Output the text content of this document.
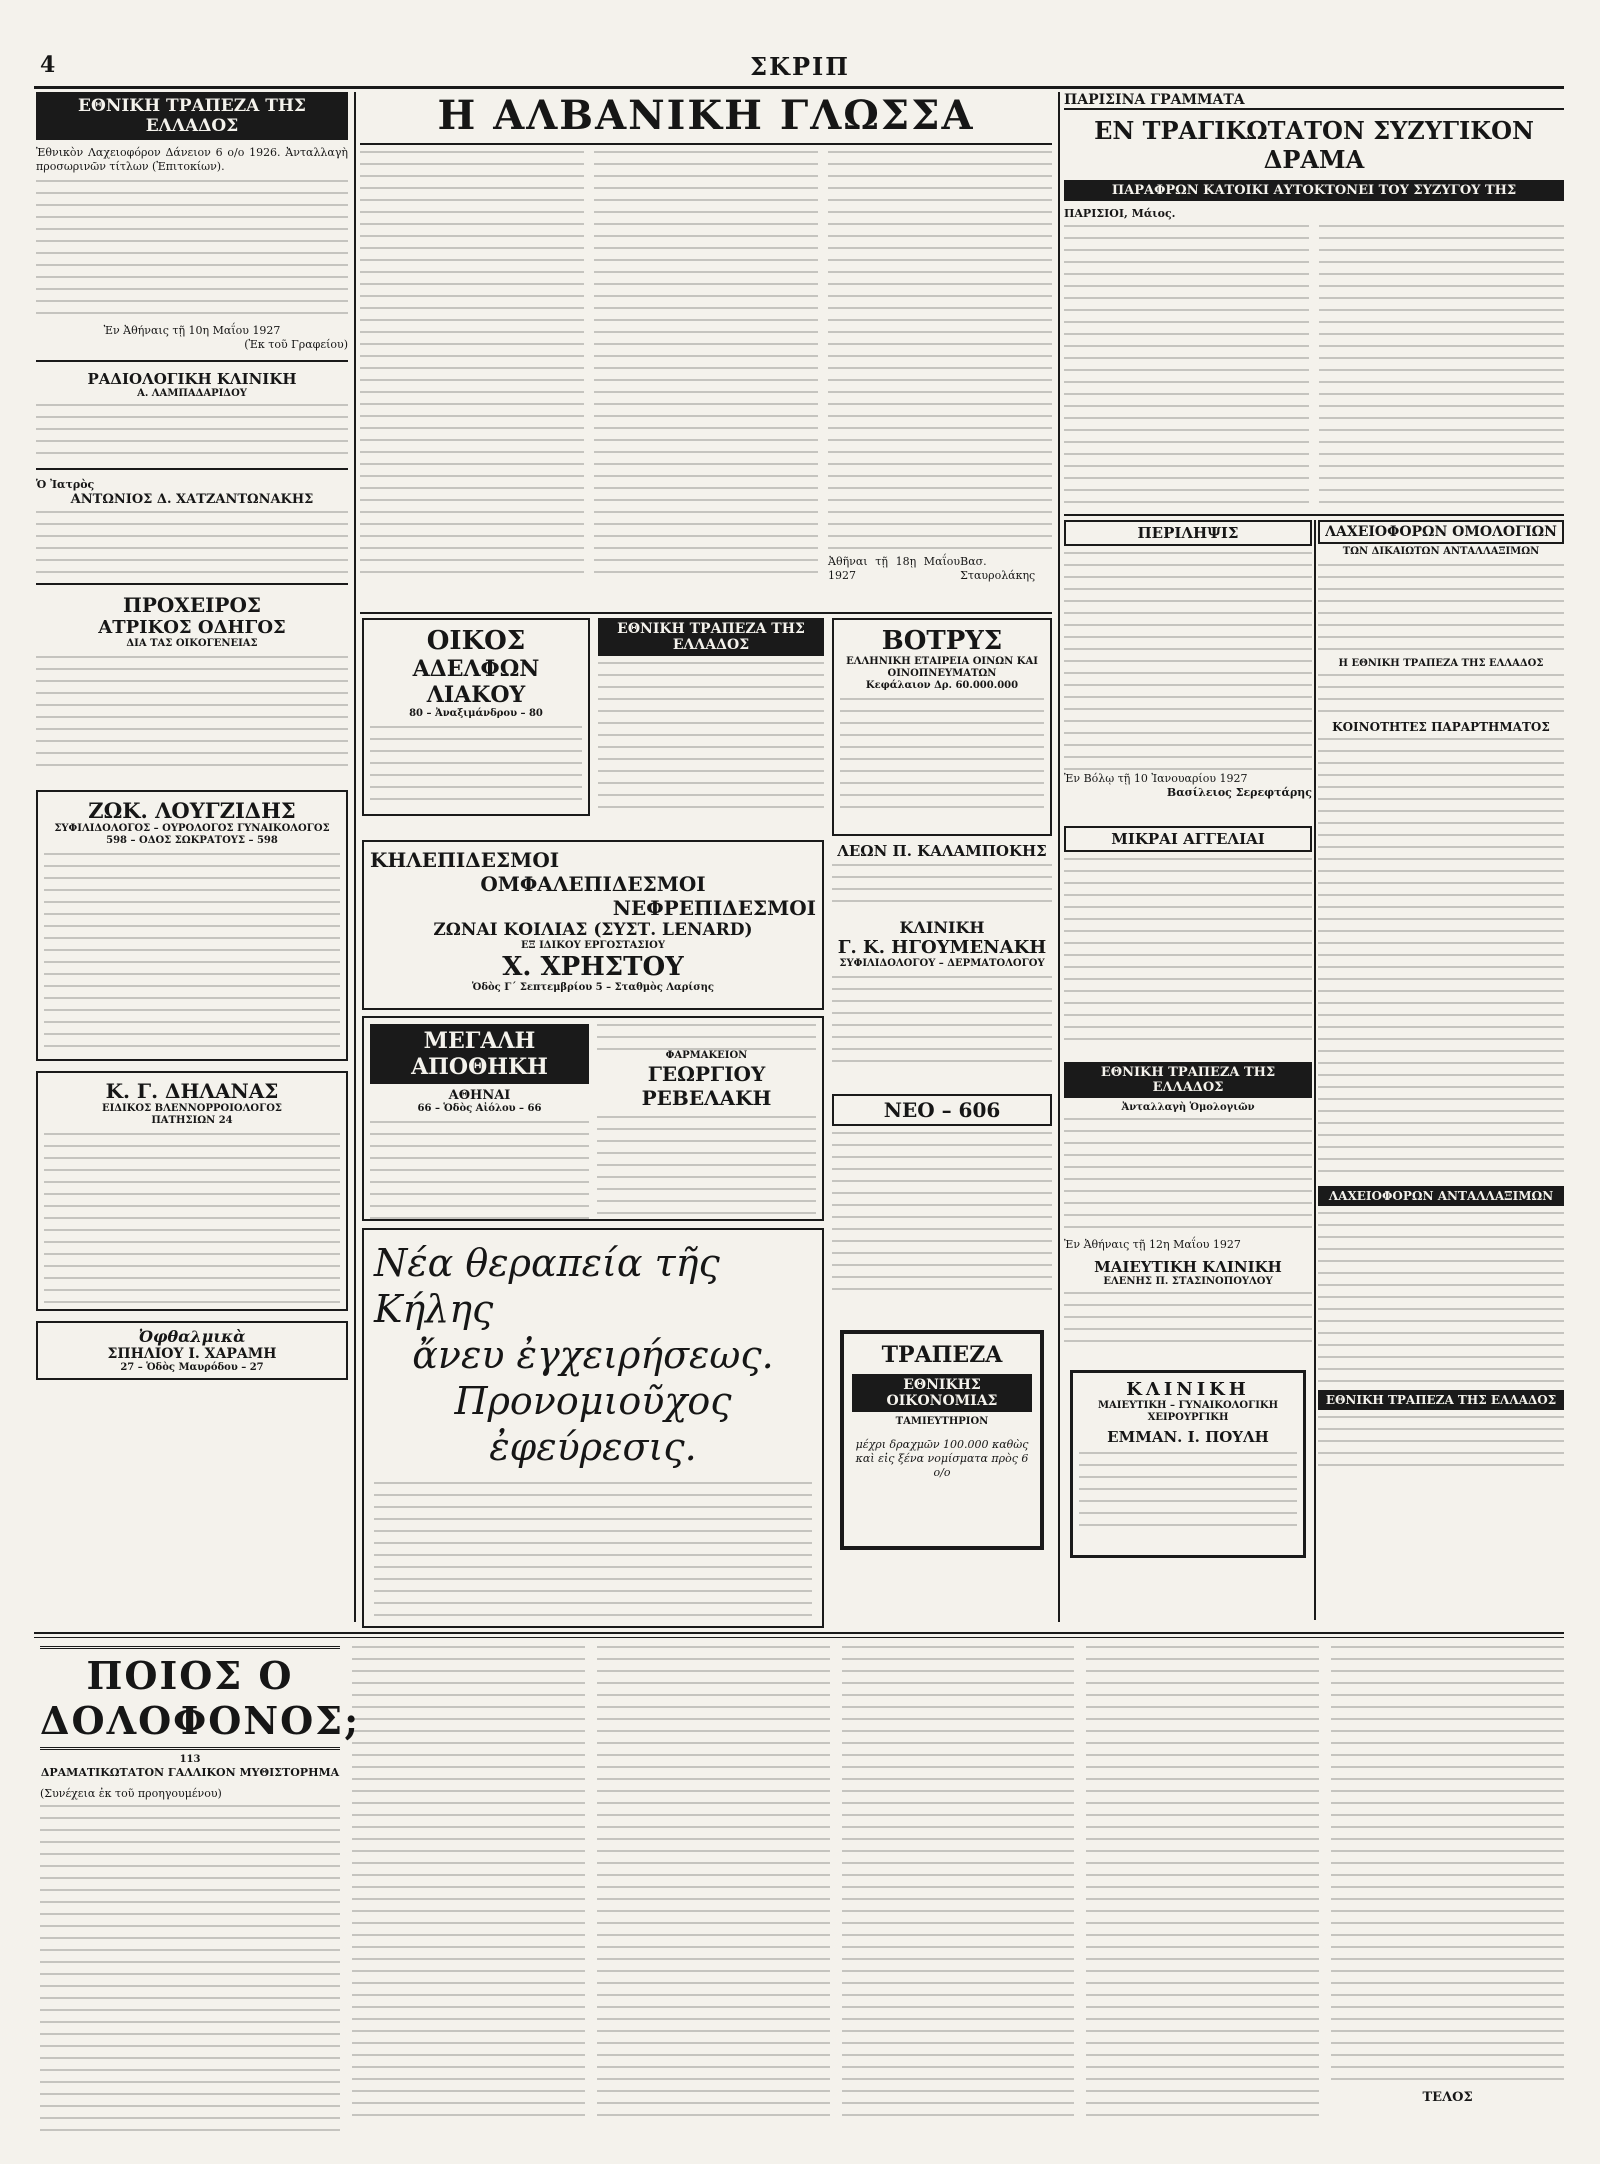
4	ΣΚΡΙΠ
ΕΘΝΙΚΗ ΤΡΑΠΕΖΑ ΤΗΣ ΕΛΛΑΔΟΣ
Ἐθνικὸν Λαχειοφόρον Δάνειον 6 ο/ο 1926. Ἀνταλλαγὴ προσωρινῶν τίτλων (Ἐπιτοκίων).
Ἐν Ἀθήναις τῇ 10η Μαΐου 1927
(Ἐκ τοῦ Γραφείου)
ΡΑΔΙΟΛΟΓΙΚΗ ΚΛΙΝΙΚΗ
Α. ΛΑΜΠΑΔΑΡΙΔΟΥ
Ὁ Ἰατρὸς
ΑΝΤΩΝΙΟΣ Δ. ΧΑΤΖΑΝΤΩΝΑΚΗΣ
ΠΡΟΧΕΙΡΟΣ
ΑΤΡΙΚΟΣ ΟΔΗΓΟΣ
ΔΙΑ ΤΑΣ ΟΙΚΟΓΕΝΕΙΑΣ
ΖΩΚ. ΛΟΥΓΖΙΔΗΣ
ΣΥΦΙΛΙΔΟΛΟΓΟΣ – ΟΥΡΟΛΟΓΟΣ ΓΥΝΑΙΚΟΛΟΓΟΣ
598 – ΟΔΟΣ ΣΩΚΡΑΤΟΥΣ – 598
Κ. Γ. ΔΗΛΑΝΑΣ
ΕΙΔΙΚΟΣ ΒΛΕΝΝΟΡΡΟΙΟΛΟΓΟΣ
ΠΑΤΗΣΙΩΝ 24
Ὀφθαλμικὰ
ΣΠΗΛΙΟΥ Ι. ΧΑΡΑΜΗ
27 – Ὁδὸς Μαυρόδου – 27
Η ΑΛΒΑΝΙΚΗ ΓΛΩΣΣΑ
Ἀθῆναι τῇ 18ῃ Μαΐου 1927
Βασ. Σταυρολάκης
ΟΙΚΟΣ
ΑΔΕΛΦΩΝ ΛΙΑΚΟΥ
80 – Ἀναξιμάνδρου – 80
ΕΘΝΙΚΗ ΤΡΑΠΕΖΑ ΤΗΣ ΕΛΛΑΔΟΣ	ΒΟΤΡΥΣ
ΕΛΛΗΝΙΚΗ ΕΤΑΙΡΕΙΑ ΟΙΝΩΝ ΚΑΙ ΟΙΝΟΠΝΕΥΜΑΤΩΝ
Κεφάλαιον Δρ. 60.000.000
ΚΗΛΕΠΙΔΕΣΜΟΙ
ΟΜΦΑΛΕΠΙΔΕΣΜΟΙ
ΝΕΦΡΕΠΙΔΕΣΜΟΙ
ΖΩΝΑΙ ΚΟΙΛΙΑΣ (ΣΥΣΤ. LENARD)
ΕΞ ΙΔΙΚΟΥ ΕΡΓΟΣΤΑΣΙΟΥ
Χ. ΧΡΗΣΤΟΥ
Ὁδὸς Γ΄ Σεπτεμβρίου 5 – Σταθμὸς Λαρίσης
ΜΕΓΑΛΗ ΑΠΟΘΗΚΗ
ΑΘΗΝΑΙ
66 – Ὁδὸς Αἰόλου – 66
ΦΑΡΜΑΚΕΙΟΝ
ΓΕΩΡΓΙΟΥ ΡΕΒΕΛΑΚΗ
Νέα θεραπεία τῆς Κήλης
ἄνευ ἐγχειρήσεως.
Προνομιοῦχος ἐφεύρεσις.
ΛΕΩΝ Π. ΚΑΛΑΜΠΟΚΗΣ
ΚΛΙΝΙΚΗ
Γ. Κ. ΗΓΟΥΜΕΝΑΚΗ
ΣΥΦΙΛΙΔΟΛΟΓΟΥ – ΔΕΡΜΑΤΟΛΟΓΟΥ
ΝΕΟ – 606
ΤΡΑΠΕΖΑ
ΕΘΝΙΚΗΣ ΟΙΚΟΝΟΜΙΑΣ
ΤΑΜΙΕΥΤΗΡΙΟΝ
μέχρι δραχμῶν 100.000 καθὼς καὶ εἰς ξένα νομίσματα πρὸς 6 ο/ο
ΠΑΡΙΣΙΝΑ ΓΡΑΜΜΑΤΑ
ΕΝ ΤΡΑΓΙΚΩΤΑΤΟΝ ΣΥΖΥΓΙΚΟΝ ΔΡΑΜΑ
ΠΑΡΑΦΡΩΝ ΚΑΤΟΙΚΙ ΑΥΤΟΚΤΟΝΕΙ ΤΟΥ ΣΥΖΥΓΟΥ ΤΗΣ
ΠΑΡΙΣΙΟΙ, Μάιος.
ΠΕΡΙΛΗΨΙΣ
Ἐν Βόλῳ τῇ 10 Ἰανουαρίου 1927
Βασίλειος Σερεφτάρης
ΜΙΚΡΑΙ ΑΓΓΕΛΙΑΙ
ΕΘΝΙΚΗ ΤΡΑΠΕΖΑ ΤΗΣ ΕΛΛΑΔΟΣ
Ἀνταλλαγὴ Ὁμολογιῶν
Ἐν Ἀθήναις τῇ 12η Μαΐου 1927
ΜΑΙΕΥΤΙΚΗ ΚΛΙΝΙΚΗ
ΕΛΕΝΗΣ Π. ΣΤΑΣΙΝΟΠΟΥΛΟΥ
ΚΛΙΝΙΚΗ
ΜΑΙΕΥΤΙΚΗ – ΓΥΝΑΙΚΟΛΟΓΙΚΗ ΧΕΙΡΟΥΡΓΙΚΗ
ΕΜΜΑΝ. Ι. ΠΟΥΛΗ
ΛΑΧΕΙΟΦΟΡΩΝ ΟΜΟΛΟΓΙΩΝ
ΤΩΝ ΔΙΚΑΙΩΤΩΝ ΑΝΤΑΛΛΑΞΙΜΩΝ
Η ΕΘΝΙΚΗ ΤΡΑΠΕΖΑ ΤΗΣ ΕΛΛΑΔΟΣ
ΚΟΙΝΟΤΗΤΕΣ ΠΑΡΑΡΤΗΜΑΤΟΣ
ΛΑΧΕΙΟΦΟΡΩΝ ΑΝΤΑΛΛΑΞΙΜΩΝ
ΕΘΝΙΚΗ ΤΡΑΠΕΖΑ ΤΗΣ ΕΛΛΑΔΟΣ
ΠΟΙΟΣ Ο ΔΟΛΟΦΟΝΟΣ;
113
ΔΡΑΜΑΤΙΚΩΤΑΤΟΝ ΓΑΛΛΙΚΟΝ ΜΥΘΙΣΤΟΡΗΜΑ
(Συνέχεια ἐκ τοῦ προηγουμένου)
ΤΕΛΟΣ
